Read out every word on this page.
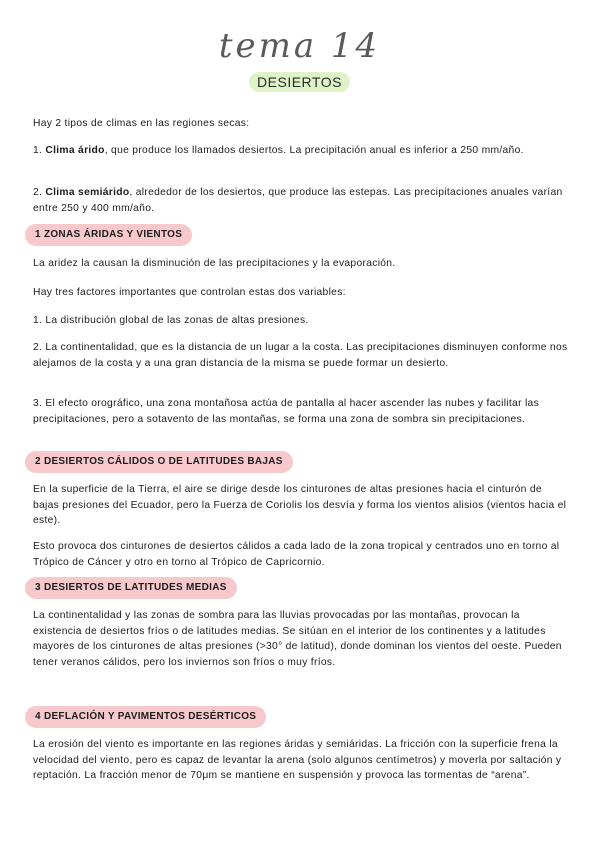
tema 14
DESIERTOS

Hay 2 tipos de climas en las regiones secas:

1. Clima árido, que produce los llamados desiertos. La precipitación anual es inferior a 250 mm/año.

2. Clima semiárido, alrededor de los desiertos, que produce las estepas. Las precipitaciones anuales varían entre 250 y 400 mm/año.

1 ZONAS ÁRIDAS Y VIENTOS

La aridez la causan la disminución de las precipitaciones y la evaporación.

Hay tres factores importantes que controlan estas dos variables:

1. La distribución global de las zonas de altas presiones.

2. La continentalidad, que es la distancia de un lugar a la costa. Las precipitaciones disminuyen conforme nos alejamos de la costa y a una gran distancia de la misma se puede formar un desierto.

3. El efecto orográfico, una zona montañosa actúa de pantalla al hacer ascender las nubes y facilitar las precipitaciones, pero a sotavento de las montañas, se forma una zona de sombra sin precipitaciones.

2 DESIERTOS CÁLIDOS O DE LATITUDES BAJAS

En la superficie de la Tierra, el aire se dirige desde los cinturones de altas presiones hacia el cinturón de bajas presiones del Ecuador, pero la Fuerza de Coriolis los desvía y forma los vientos alisios (vientos hacia el este).

Esto provoca dos cinturones de desiertos cálidos a cada lado de la zona tropical y centrados uno en torno al Trópico de Cáncer y otro en torno al Trópico de Capricornio.

3 DESIERTOS DE LATITUDES MEDIAS

La continentalidad y las zonas de sombra para las lluvias provocadas por las montañas, provocan la existencia de desiertos fríos o de latitudes medias. Se sitúan en el interior de los continentes y a latitudes mayores de los cinturones de altas presiones (>30° de latitud), donde dominan los vientos del oeste. Pueden tener veranos cálidos, pero los inviernos son fríos o muy fríos.

4 DEFLACIÓN Y PAVIMENTOS DESÉRTICOS

La erosión del viento es importante en las regiones áridas y semiáridas. La fricción con la superficie frena la velocidad del viento, pero es capaz de levantar la arena (solo algunos centímetros) y moverla por saltación y reptación. La fracción menor de 70μm se mantiene en suspensión y provoca las tormentas de “arena”.
